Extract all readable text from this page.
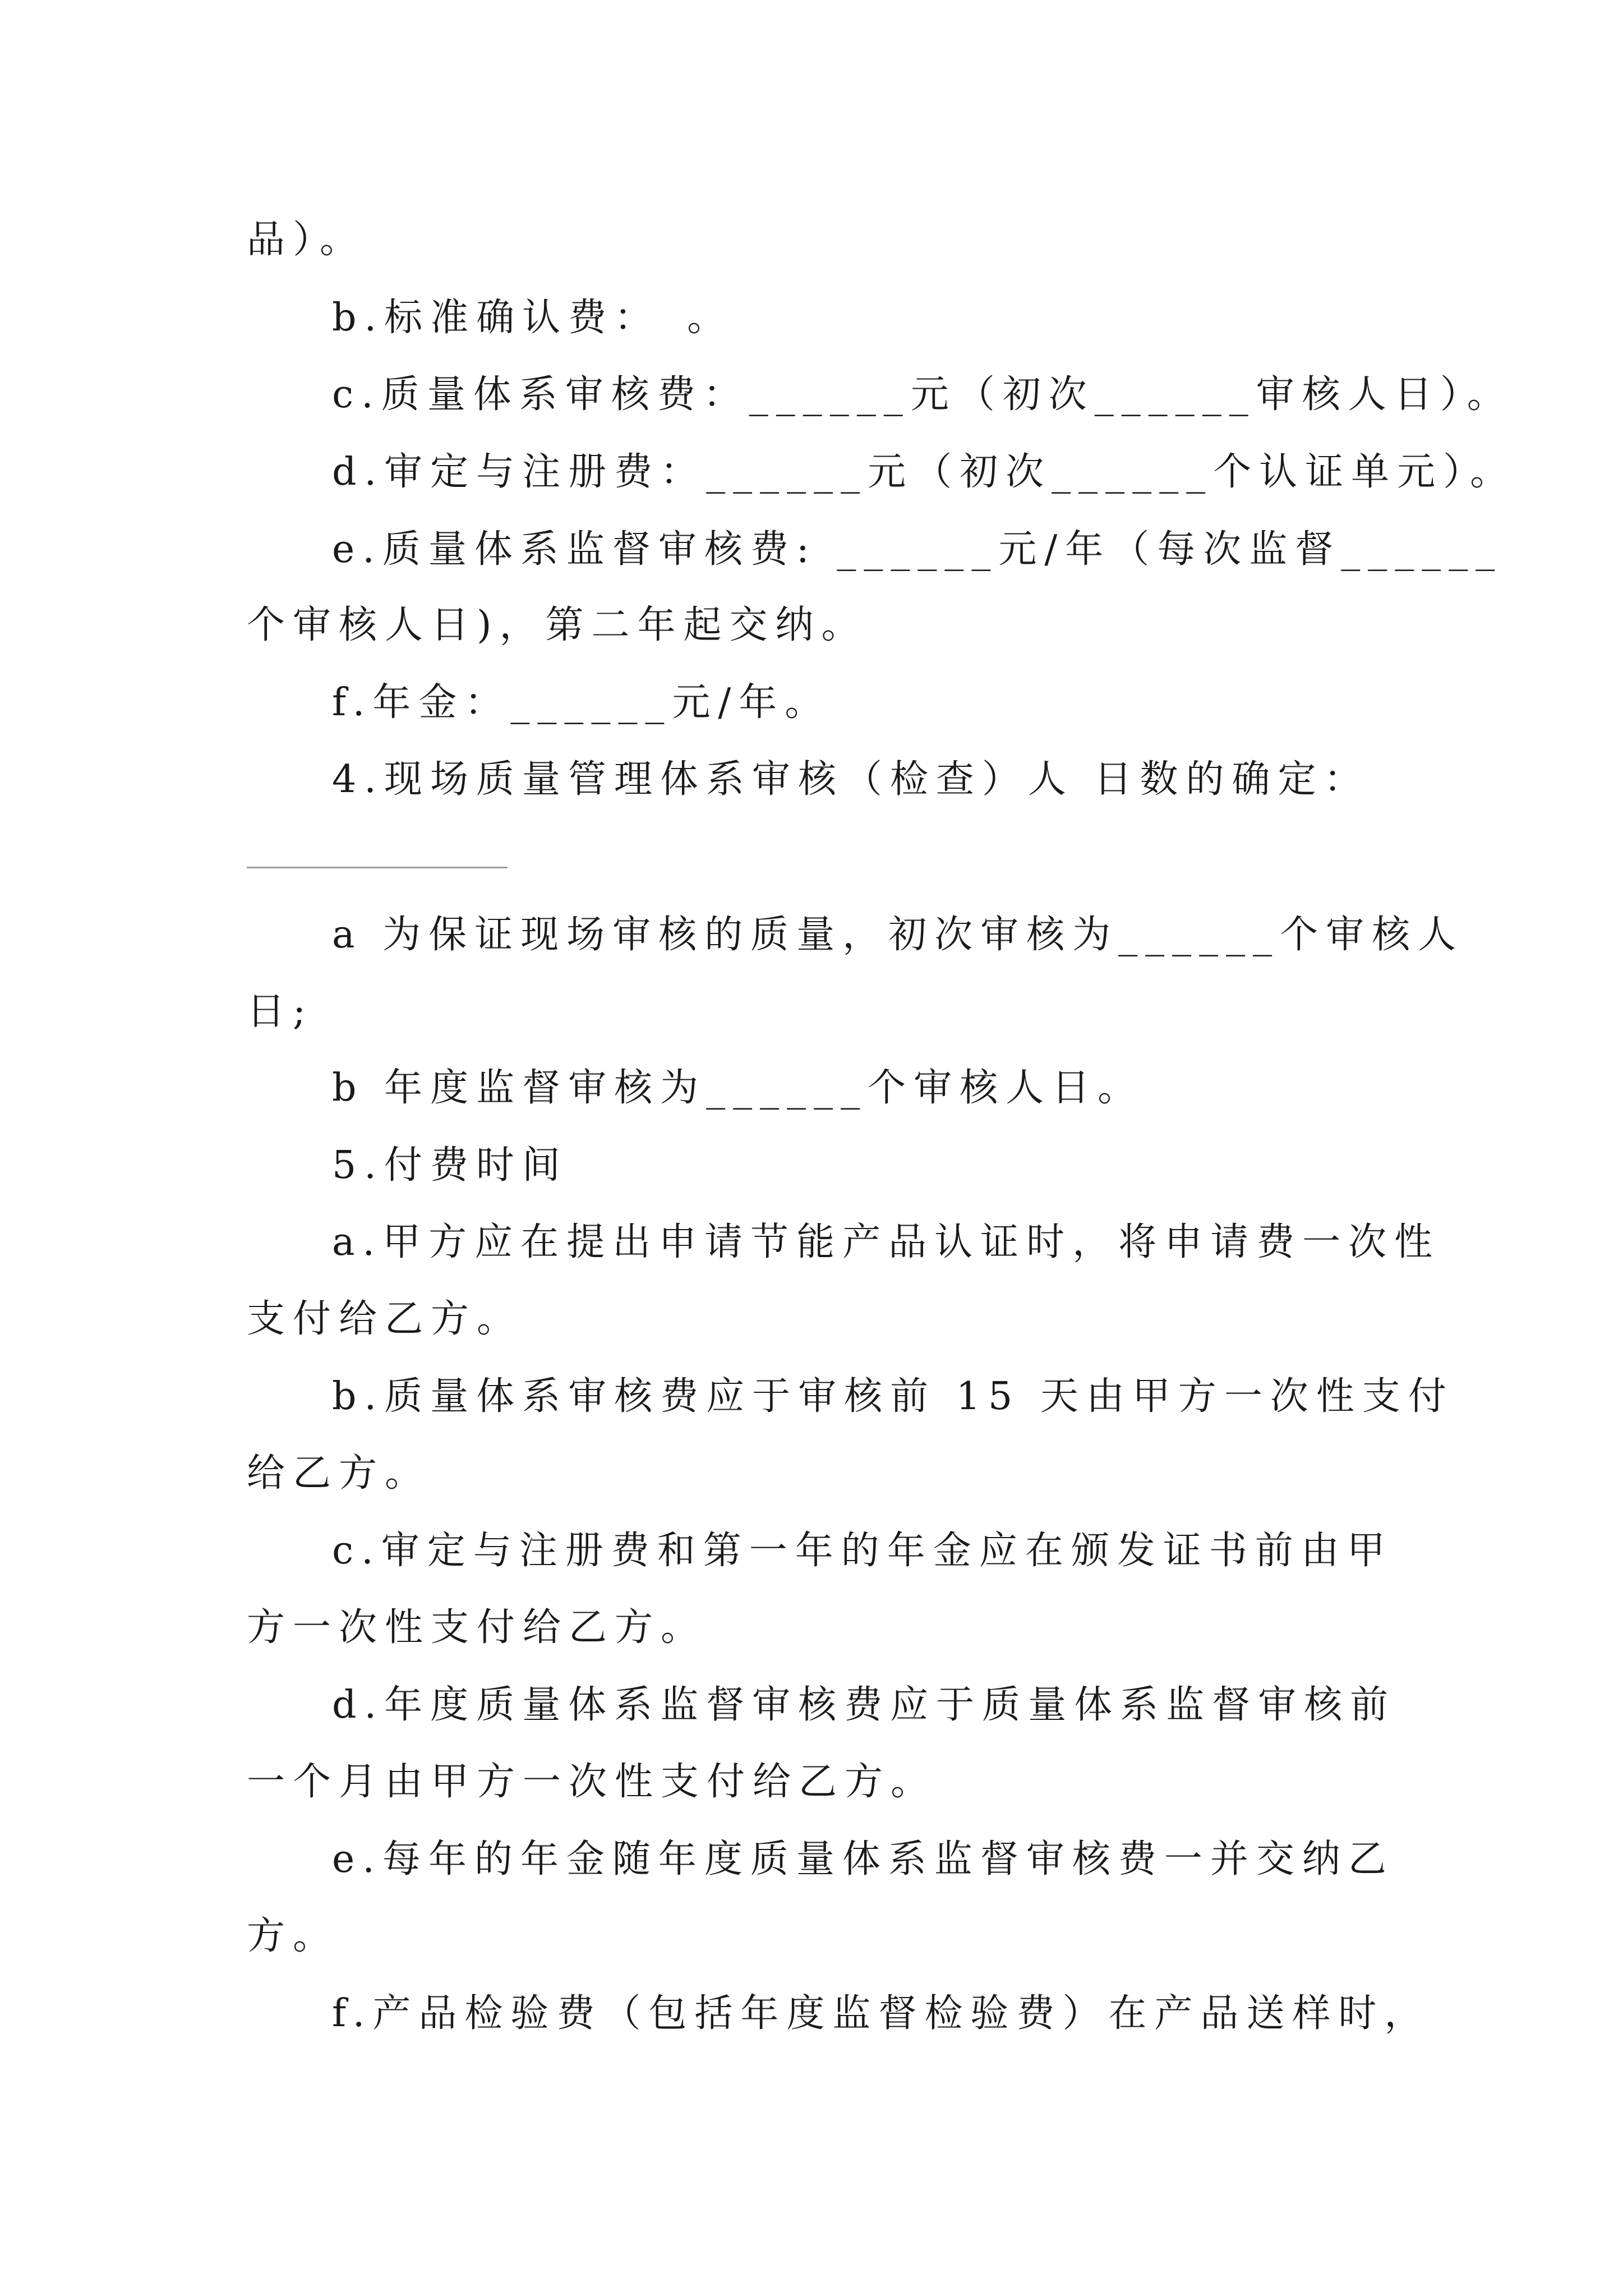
品）。
b.标准确认费：　。
c.质量体系审核费：______元（初次______审核人日）。
d.审定与注册费：______元（初次______个认证单元）。
e.质量体系监督审核费: ______元/年（每次监督______
个审核人日)，第二年起交纳。
f.年金：______元/年。
4.现场质量管理体系审核（检查）人 日数的确定：
a 为保证现场审核的质量，初次审核为______个审核人
日;
b 年度监督审核为______个审核人日。
5.付费时间
a.甲方应在提出申请节能产品认证时，将申请费一次性
支付给乙方。
b.质量体系审核费应于审核前 15 天由甲方一次性支付
给乙方。
c.审定与注册费和第一年的年金应在颁发证书前由甲
方一次性支付给乙方。
d.年度质量体系监督审核费应于质量体系监督审核前
一个月由甲方一次性支付给乙方。
e.每年的年金随年度质量体系监督审核费一并交纳乙
方。
f.产品检验费（包括年度监督检验费）在产品送样时，
